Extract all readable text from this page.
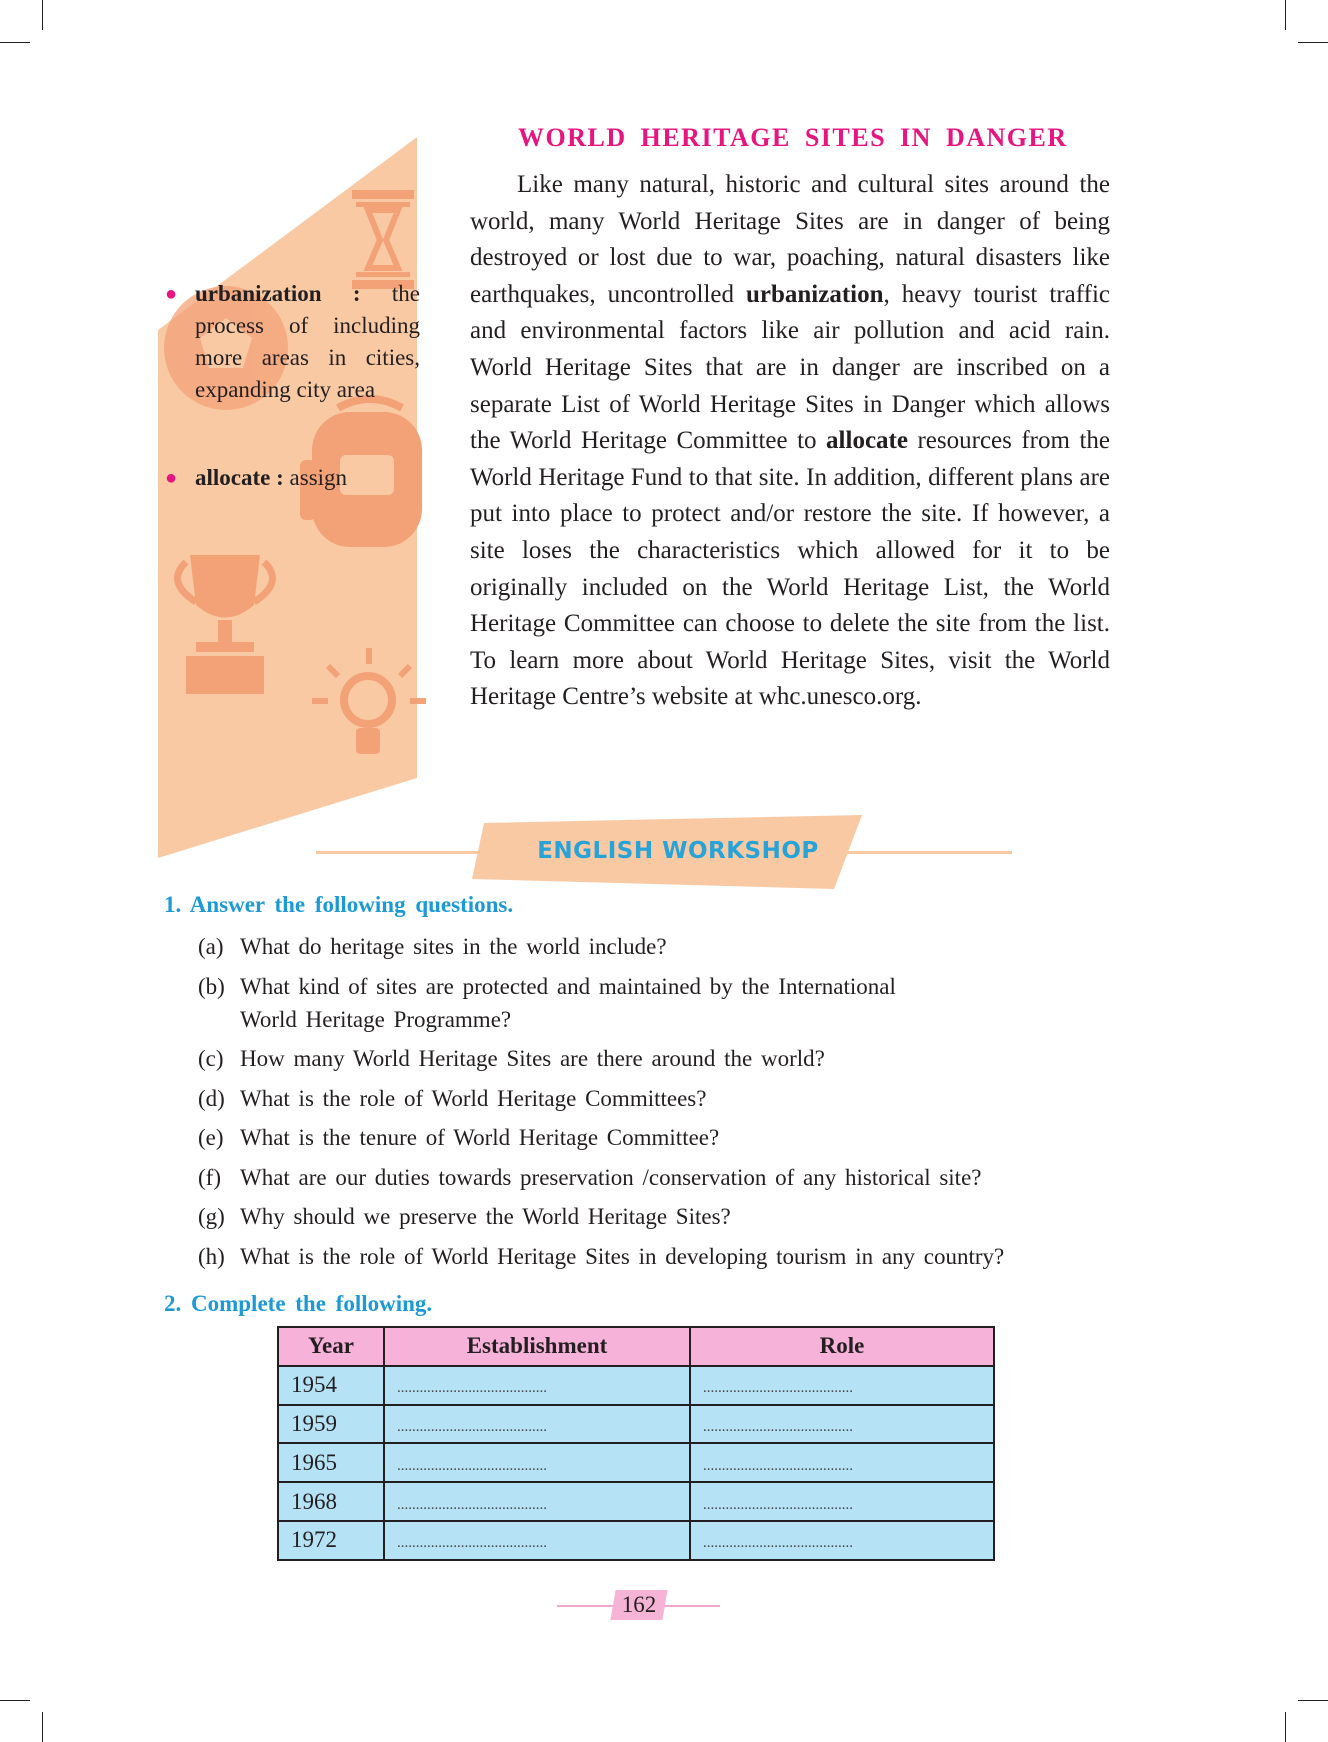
● urbanization : the process of including more areas in cities, expanding city area

● allocate : assign

WORLD HERITAGE SITES IN DANGER

Like many natural, historic and cultural sites around the world, many World Heritage Sites are in danger of being destroyed or lost due to war, poaching, natural disasters like earthquakes, uncontrolled urbanization, heavy tourist traffic and environmental factors like air pollution and acid rain. World Heritage Sites that are in danger are inscribed on a separate List of World Heritage Sites in Danger which allows the World Heritage Committee to allocate resources from the World Heritage Fund to that site. In addition, different plans are put into place to protect and/or restore the site. If however, a site loses the characteristics which allowed for it to be originally included on the World Heritage List, the World Heritage Committee can choose to delete the site from the list. To learn more about World Heritage Sites, visit the World Heritage Centre’s website at whc.unesco.org.

ENGLISH WORKSHOP

1. Answer the following questions.

(a) What do heritage sites in the world include?
(b) What kind of sites are protected and maintained by the International World Heritage Programme?
(c) How many World Heritage Sites are there around the world?
(d) What is the role of World Heritage Committees?
(e) What is the tenure of World Heritage Committee?
(f) What are our duties towards preservation /conservation of any historical site?
(g) Why should we preserve the World Heritage Sites?
(h) What is the role of World Heritage Sites in developing tourism in any country?

2. Complete the following.

Year	Establishment	Role
1954	........................................	........................................
1959	........................................	........................................
1965	........................................	........................................
1968	........................................	........................................
1972	........................................	........................................
162
